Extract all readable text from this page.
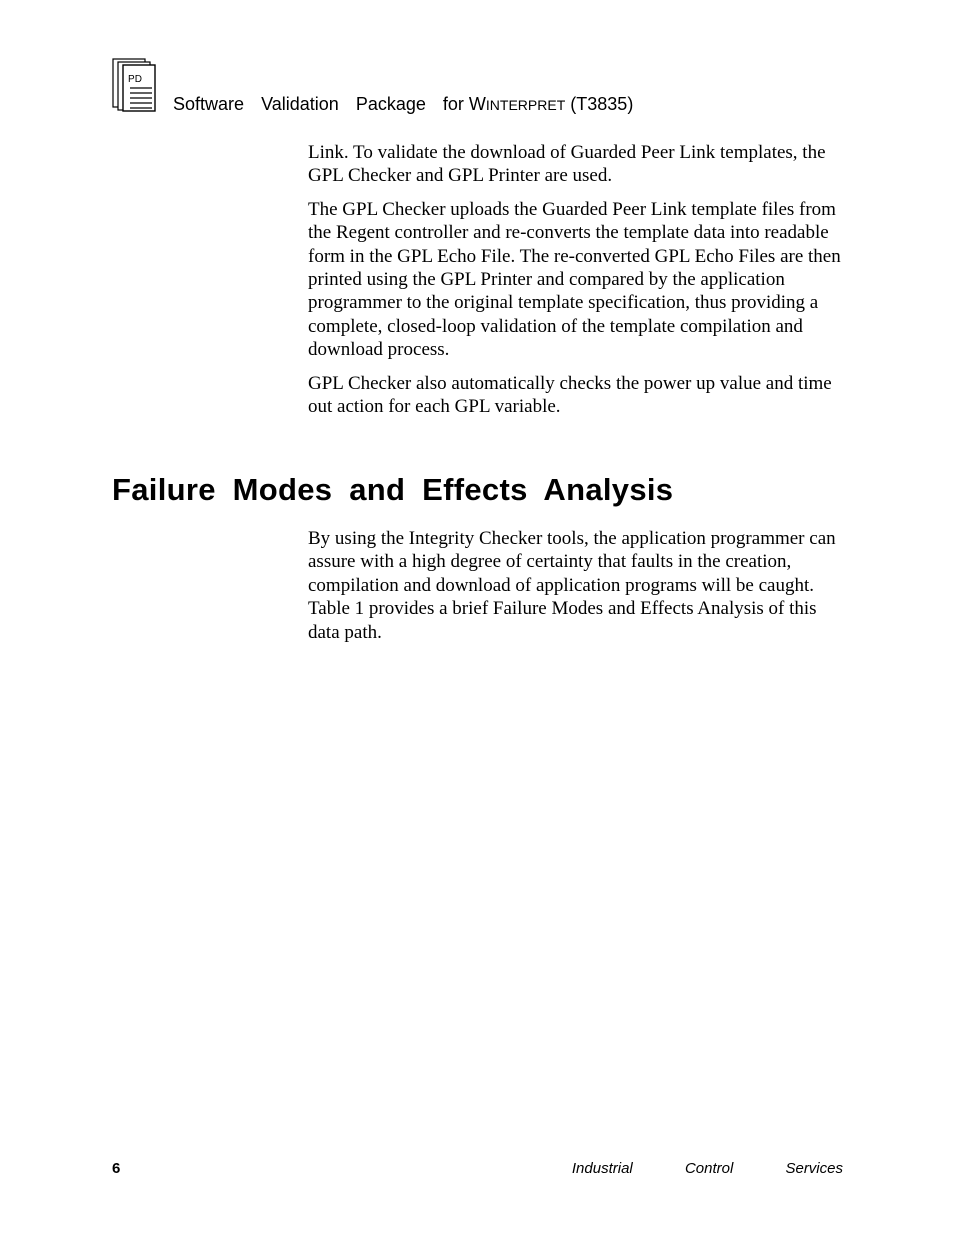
PD
Software Validation Package for WINTERPRET (T3835)

Link. To validate the download of Guarded Peer Link templates, the GPL Checker and GPL Printer are used.

The GPL Checker uploads the Guarded Peer Link template files from the Regent controller and re-converts the template data into readable form in the GPL Echo File. The re-converted GPL Echo Files are then printed using the GPL Printer and compared by the application programmer to the original template specification, thus providing a complete, closed-loop validation of the template compilation and download process.

GPL Checker also automatically checks the power up value and time out action for each GPL variable.

Failure Modes and Effects Analysis

By using the Integrity Checker tools, the application programmer can assure with a high degree of certainty that faults in the creation, compilation and download of application programs will be caught. Table 1 provides a brief Failure Modes and Effects Analysis of this data path.

6	Industrial	Control	Services
